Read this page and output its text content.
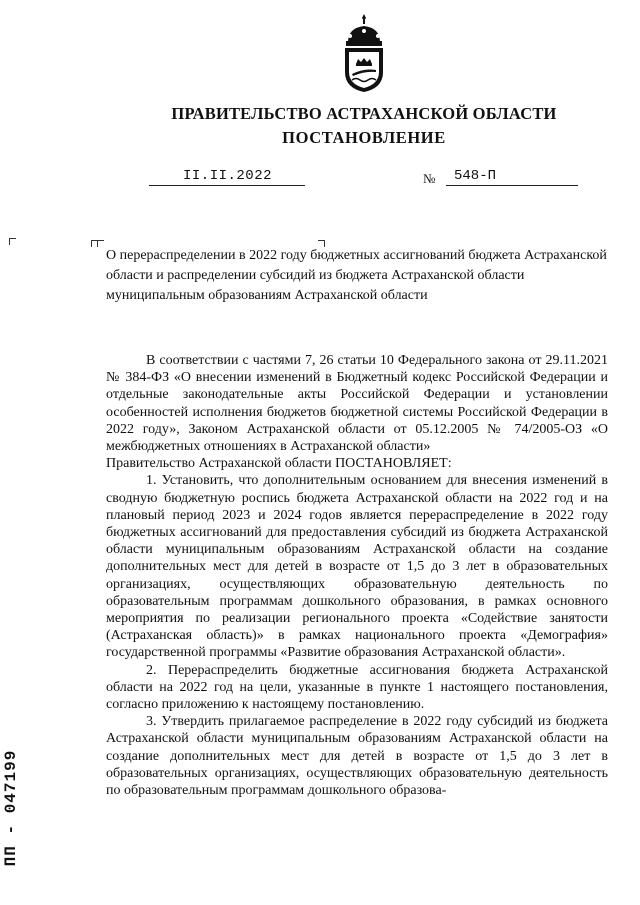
ПРАВИТЕЛЬСТВО АСТРАХАНСКОЙ ОБЛАСТИ
ПОСТАНОВЛЕНИЕ
II.II.2022	№ 548-П

О перераспределении в 2022 году бюджетных ассигнований бюджета Астраханской области и распределении субсидий из бюджета Астраханской области муниципальным образованиям Астраханской области

В соответствии с частями 7, 26 статьи 10 Федерального закона от 29.11.2021 № 384-ФЗ «О внесении изменений в Бюджетный кодекс Российской Федерации и отдельные законодательные акты Российской Федерации и установлении особенностей исполнения бюджетов бюджетной системы Российской Федерации в 2022 году», Законом Астраханской области от 05.12.2005 № 74/2005-ОЗ «О межбюджетных отношениях в Астраханской области»

Правительство Астраханской области ПОСТАНОВЛЯЕТ:

1. Установить, что дополнительным основанием для внесения изменений в сводную бюджетную роспись бюджета Астраханской области на 2022 год и на плановый период 2023 и 2024 годов является перераспределение в 2022 году бюджетных ассигнований для предоставления субсидий из бюджета Астраханской области муниципальным образованиям Астраханской области на создание дополнительных мест для детей в возрасте от 1,5 до 3 лет в образовательных организациях, осуществляющих образовательную деятельность по образовательным программам дошкольного образования, в рамках основного мероприятия по реализации регионального проекта «Содействие занятости (Астраханская область)» в рамках национального проекта «Демография» государственной программы «Развитие образования Астраханской области».

2. Перераспределить бюджетные ассигнования бюджета Астраханской области на 2022 год на цели, указанные в пункте 1 настоящего постановления, согласно приложению к настоящему постановлению.

3. Утвердить прилагаемое распределение в 2022 году субсидий из бюджета Астраханской области муниципальным образованиям Астраханской области на создание дополнительных мест для детей в возрасте от 1,5 до 3 лет в образовательных организациях, осуществляющих образовательную деятельность по образовательным программам дошкольного образова-

ПП - 047199
